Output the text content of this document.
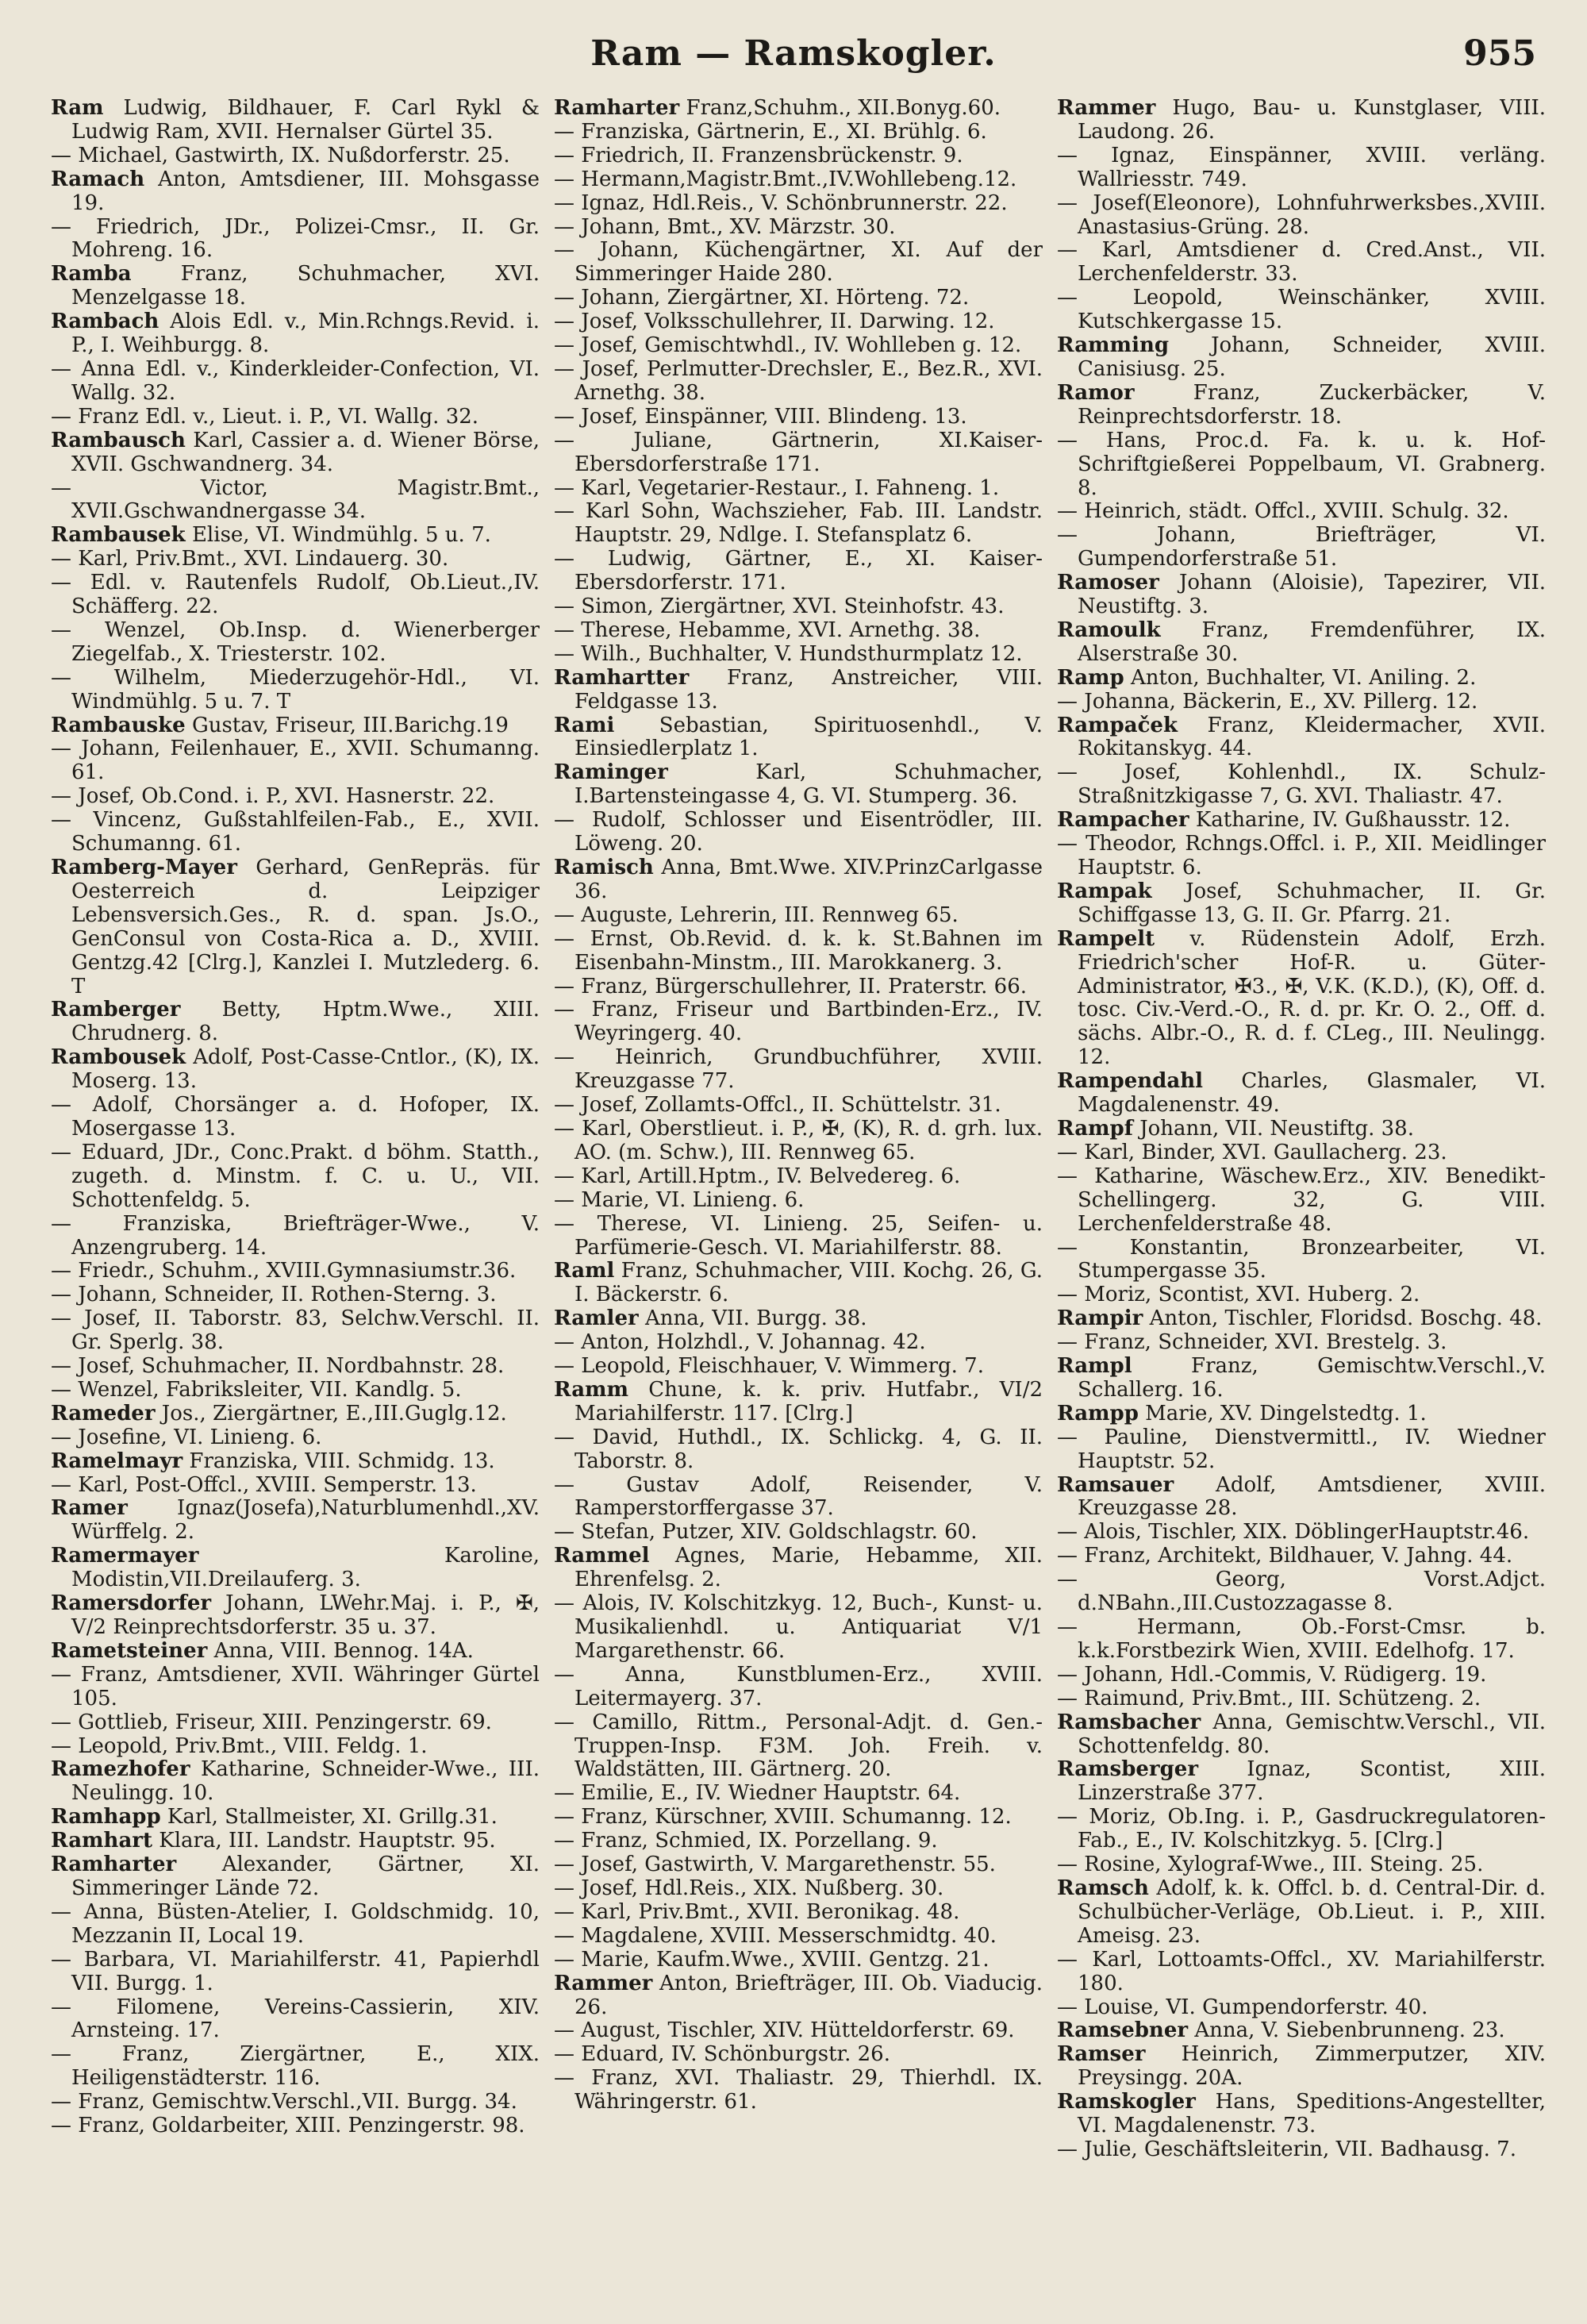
Ram — Ramskogler.	955
Ram Ludwig, Bildhauer, F. Carl Rykl & Ludwig Ram, XVII. Hernalser Gürtel 35.
— Michael, Gastwirth, IX. Nußdorferstr. 25.
Ramach Anton, Amtsdiener, III. Mohsgasse 19.
— Friedrich, JDr., Polizei-Cmsr., II. Gr. Mohreng. 16.
Ramba Franz, Schuhmacher, XVI. Menzelgasse 18.
Rambach Alois Edl. v., Min.Rchngs.Revid. i. P., I. Weihburgg. 8.
— Anna Edl. v., Kinderkleider-Confection, VI. Wallg. 32.
— Franz Edl. v., Lieut. i. P., VI. Wallg. 32.
Rambausch Karl, Cassier a. d. Wiener Börse, XVII. Gschwandnerg. 34.
— Victor, Magistr.Bmt., XVII.Gschwandnergasse 34.
Rambausek Elise, VI. Windmühlg. 5 u. 7.
— Karl, Priv.Bmt., XVI. Lindauerg. 30.
— Edl. v. Rautenfels Rudolf, Ob.Lieut.,IV. Schäfferg. 22.
— Wenzel, Ob.Insp. d. Wienerberger Ziegelfab., X. Triesterstr. 102.
— Wilhelm, Miederzugehör-Hdl., VI. Windmühlg. 5 u. 7. T
Rambauske Gustav, Friseur, III.Barichg.19
— Johann, Feilenhauer, E., XVII. Schumanng. 61.
— Josef, Ob.Cond. i. P., XVI. Hasnerstr. 22.
— Vincenz, Gußstahlfeilen-Fab., E., XVII. Schumanng. 61.
Ramberg-Mayer Gerhard, GenRepräs. für Oesterreich d. Leipziger Lebensversich.Ges., R. d. span. Js.O., GenConsul von Costa-Rica a. D., XVIII. Gentzg.42 [Clrg.], Kanzlei I. Mutzlederg. 6. T
Ramberger Betty, Hptm.Wwe., XIII. Chrudnerg. 8.
Rambousek Adolf, Post-Casse-Cntlor., (K), IX. Moserg. 13.
— Adolf, Chorsänger a. d. Hofoper, IX. Mosergasse 13.
— Eduard, JDr., Conc.Prakt. d böhm. Statth., zugeth. d. Minstm. f. C. u. U., VII. Schottenfeldg. 5.
— Franziska, Briefträger-Wwe., V. Anzengruberg. 14.
— Friedr., Schuhm., XVIII.Gymnasiumstr.36.
— Johann, Schneider, II. Rothen-Sterng. 3.
— Josef, II. Taborstr. 83, Selchw.Verschl. II. Gr. Sperlg. 38.
— Josef, Schuhmacher, II. Nordbahnstr. 28.
— Wenzel, Fabriksleiter, VII. Kandlg. 5.
Rameder Jos., Ziergärtner, E.,III.Guglg.12.
— Josefine, VI. Linieng. 6.
Ramelmayr Franziska, VIII. Schmidg. 13.
— Karl, Post-Offcl., XVIII. Semperstr. 13.
Ramer Ignaz(Josefa),Naturblumenhdl.,XV. Würffelg. 2.
Ramermayer Karoline, Modistin,VII.Dreilauferg. 3.
Ramersdorfer Johann, LWehr.Maj. i. P., ✠, V/2 Reinprechtsdorferstr. 35 u. 37.
Rametsteiner Anna, VIII. Bennog. 14A.
— Franz, Amtsdiener, XVII. Währinger Gürtel 105.
— Gottlieb, Friseur, XIII. Penzingerstr. 69.
— Leopold, Priv.Bmt., VIII. Feldg. 1.
Ramezhofer Katharine, Schneider-Wwe., III. Neulingg. 10.
Ramhapp Karl, Stallmeister, XI. Grillg.31.
Ramhart Klara, III. Landstr. Hauptstr. 95.
Ramharter Alexander, Gärtner, XI. Simmeringer Lände 72.
— Anna, Büsten-Atelier, I. Goldschmidg. 10, Mezzanin II, Local 19.
— Barbara, VI. Mariahilferstr. 41, Papierhdl VII. Burgg. 1.
— Filomene, Vereins-Cassierin, XIV. Arnsteing. 17.
— Franz, Ziergärtner, E., XIX. Heiligenstädterstr. 116.
— Franz, Gemischtw.Verschl.,VII. Burgg. 34.
— Franz, Goldarbeiter, XIII. Penzingerstr. 98.
Ramharter Franz,Schuhm., XII.Bonyg.60.
— Franziska, Gärtnerin, E., XI. Brühlg. 6.
— Friedrich, II. Franzensbrückenstr. 9.
— Hermann,Magistr.Bmt.,IV.Wohllebeng.12.
— Ignaz, Hdl.Reis., V. Schönbrunnerstr. 22.
— Johann, Bmt., XV. Märzstr. 30.
— Johann, Küchengärtner, XI. Auf der Simmeringer Haide 280.
— Johann, Ziergärtner, XI. Hörteng. 72.
— Josef, Volksschullehrer, II. Darwing. 12.
— Josef, Gemischtwhdl., IV. Wohlleben g. 12.
— Josef, Perlmutter-Drechsler, E., Bez.R., XVI. Arnethg. 38.
— Josef, Einspänner, VIII. Blindeng. 13.
— Juliane, Gärtnerin, XI.Kaiser-Ebersdorferstraße 171.
— Karl, Vegetarier-Restaur., I. Fahneng. 1.
— Karl Sohn, Wachszieher, Fab. III. Landstr. Hauptstr. 29, Ndlge. I. Stefansplatz 6.
— Ludwig, Gärtner, E., XI. Kaiser-Ebersdorferstr. 171.
— Simon, Ziergärtner, XVI. Steinhofstr. 43.
— Therese, Hebamme, XVI. Arnethg. 38.
— Wilh., Buchhalter, V. Hundsthurmplatz 12.
Ramhartter Franz, Anstreicher, VIII. Feldgasse 13.
Rami Sebastian, Spirituosenhdl., V. Einsiedlerplatz 1.
Raminger Karl, Schuhmacher, I.Bartensteingasse 4, G. VI. Stumperg. 36.
— Rudolf, Schlosser und Eisentrödler, III. Löweng. 20.
Ramisch Anna, Bmt.Wwe. XIV.PrinzCarlgasse 36.
— Auguste, Lehrerin, III. Rennweg 65.
— Ernst, Ob.Revid. d. k. k. St.Bahnen im Eisenbahn-Minstm., III. Marokkanerg. 3.
— Franz, Bürgerschullehrer, II. Praterstr. 66.
— Franz, Friseur und Bartbinden-Erz., IV. Weyringerg. 40.
— Heinrich, Grundbuchführer, XVIII. Kreuzgasse 77.
— Josef, Zollamts-Offcl., II. Schüttelstr. 31.
— Karl, Oberstlieut. i. P., ✠, (K), R. d. grh. lux. AO. (m. Schw.), III. Rennweg 65.
— Karl, Artill.Hptm., IV. Belvedereg. 6.
— Marie, VI. Linieng. 6.
— Therese, VI. Linieng. 25, Seifen- u. Parfümerie-Gesch. VI. Mariahilferstr. 88.
Raml Franz, Schuhmacher, VIII. Kochg. 26, G. I. Bäckerstr. 6.
Ramler Anna, VII. Burgg. 38.
— Anton, Holzhdl., V. Johannag. 42.
— Leopold, Fleischhauer, V. Wimmerg. 7.
Ramm Chune, k. k. priv. Hutfabr., VI/2 Mariahilferstr. 117. [Clrg.]
— David, Huthdl., IX. Schlickg. 4, G. II. Taborstr. 8.
— Gustav Adolf, Reisender, V. Ramperstorffergasse 37.
— Stefan, Putzer, XIV. Goldschlagstr. 60.
Rammel Agnes, Marie, Hebamme, XII. Ehrenfelsg. 2.
— Alois, IV. Kolschitzkyg. 12, Buch-, Kunst- u. Musikalienhdl. u. Antiquariat V/1 Margarethenstr. 66.
— Anna, Kunstblumen-Erz., XVIII. Leitermayerg. 37.
— Camillo, Rittm., Personal-Adjt. d. Gen.-Truppen-Insp. F3M. Joh. Freih. v. Waldstätten, III. Gärtnerg. 20.
— Emilie, E., IV. Wiedner Hauptstr. 64.
— Franz, Kürschner, XVIII. Schumanng. 12.
— Franz, Schmied, IX. Porzellang. 9.
— Josef, Gastwirth, V. Margarethenstr. 55.
— Josef, Hdl.Reis., XIX. Nußberg. 30.
— Karl, Priv.Bmt., XVII. Beronikag. 48.
— Magdalene, XVIII. Messerschmidtg. 40.
— Marie, Kaufm.Wwe., XVIII. Gentzg. 21.
Rammer Anton, Briefträger, III. Ob. Viaducig. 26.
— August, Tischler, XIV. Hütteldorferstr. 69.
— Eduard, IV. Schönburgstr. 26.
— Franz, XVI. Thaliastr. 29, Thierhdl. IX. Währingerstr. 61.
Rammer Hugo, Bau- u. Kunstglaser, VIII. Laudong. 26.
— Ignaz, Einspänner, XVIII. verläng. Wallriesstr. 749.
— Josef(Eleonore), Lohnfuhrwerksbes.,XVIII. Anastasius-Grüng. 28.
— Karl, Amtsdiener d. Cred.Anst., VII. Lerchenfelderstr. 33.
— Leopold, Weinschänker, XVIII. Kutschkergasse 15.
Ramming Johann, Schneider, XVIII. Canisiusg. 25.
Ramor Franz, Zuckerbäcker, V. Reinprechtsdorferstr. 18.
— Hans, Proc.d. Fa. k. u. k. Hof-Schriftgießerei Poppelbaum, VI. Grabnerg. 8.
— Heinrich, städt. Offcl., XVIII. Schulg. 32.
— Johann, Briefträger, VI. Gumpendorferstraße 51.
Ramoser Johann (Aloisie), Tapezirer, VII. Neustiftg. 3.
Ramoulk Franz, Fremdenführer, IX. Alserstraße 30.
Ramp Anton, Buchhalter, VI. Aniling. 2.
— Johanna, Bäckerin, E., XV. Pillerg. 12.
Rampaček Franz, Kleidermacher, XVII. Rokitanskyg. 44.
— Josef, Kohlenhdl., IX. Schulz-Straßnitzkigasse 7, G. XVI. Thaliastr. 47.
Rampacher Katharine, IV. Gußhausstr. 12.
— Theodor, Rchngs.Offcl. i. P., XII. Meidlinger Hauptstr. 6.
Rampak Josef, Schuhmacher, II. Gr. Schiffgasse 13, G. II. Gr. Pfarrg. 21.
Rampelt v. Rüdenstein Adolf, Erzh. Friedrich'scher Hof-R. u. Güter-Administrator, ✠3., ✠, V.K. (K.D.), (K), Off. d. tosc. Civ.-Verd.-O., R. d. pr. Kr. O. 2., Off. d. sächs. Albr.-O., R. d. f. CLeg., III. Neulingg. 12.
Rampendahl Charles, Glasmaler, VI. Magdalenenstr. 49.
Rampf Johann, VII. Neustiftg. 38.
— Karl, Binder, XVI. Gaullacherg. 23.
— Katharine, Wäschew.Erz., XIV. Benedikt-Schellingerg. 32, G. VIII. Lerchenfelderstraße 48.
— Konstantin, Bronzearbeiter, VI. Stumpergasse 35.
— Moriz, Scontist, XVI. Huberg. 2.
Rampir Anton, Tischler, Floridsd. Boschg. 48.
— Franz, Schneider, XVI. Brestelg. 3.
Rampl Franz, Gemischtw.Verschl.,V. Schallerg. 16.
Rampp Marie, XV. Dingelstedtg. 1.
— Pauline, Dienstvermittl., IV. Wiedner Hauptstr. 52.
Ramsauer Adolf, Amtsdiener, XVIII. Kreuzgasse 28.
— Alois, Tischler, XIX. DöblingerHauptstr.46.
— Franz, Architekt, Bildhauer, V. Jahng. 44.
— Georg, Vorst.Adjct. d.NBahn.,III.Custozzagasse 8.
— Hermann, Ob.-Forst-Cmsr. b. k.k.Forstbezirk Wien, XVIII. Edelhofg. 17.
— Johann, Hdl.-Commis, V. Rüdigerg. 19.
— Raimund, Priv.Bmt., III. Schützeng. 2.
Ramsbacher Anna, Gemischtw.Verschl., VII. Schottenfeldg. 80.
Ramsberger Ignaz, Scontist, XIII. Linzerstraße 377.
— Moriz, Ob.Ing. i. P., Gasdruckregulatoren-Fab., E., IV. Kolschitzkyg. 5. [Clrg.]
— Rosine, Xylograf-Wwe., III. Steing. 25.
Ramsch Adolf, k. k. Offcl. b. d. Central-Dir. d. Schulbücher-Verläge, Ob.Lieut. i. P., XIII. Ameisg. 23.
— Karl, Lottoamts-Offcl., XV. Mariahilferstr. 180.
— Louise, VI. Gumpendorferstr. 40.
Ramsebner Anna, V. Siebenbrunneng. 23.
Ramser Heinrich, Zimmerputzer, XIV. Preysingg. 20A.
Ramskogler Hans, Speditions-Angestellter, VI. Magdalenenstr. 73.
— Julie, Geschäftsleiterin, VII. Badhausg. 7.
